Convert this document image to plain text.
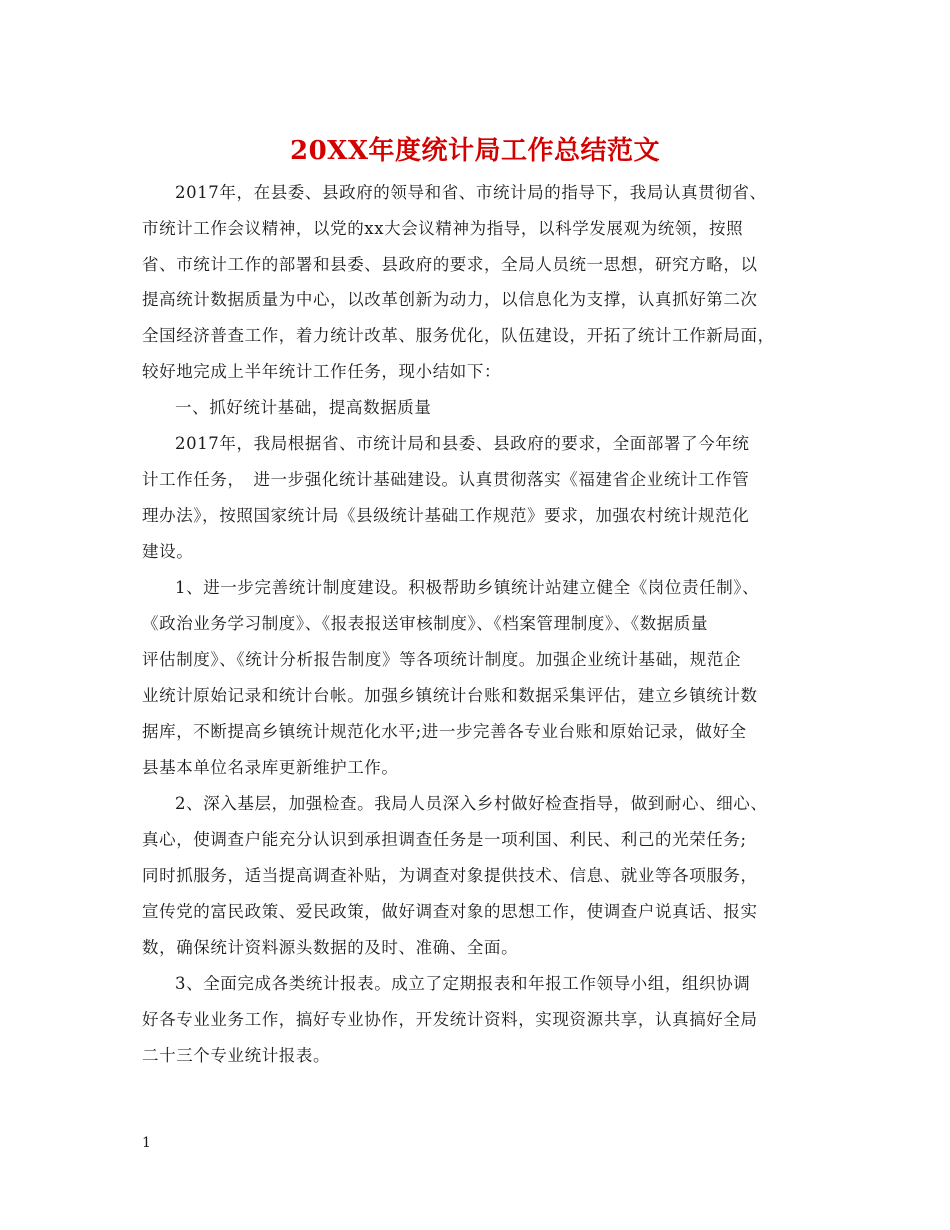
20XX年度统计局工作总结范文
2017年，在县委、县政府的领导和省、市统计局的指导下，我局认真贯彻省、
市统计工作会议精神，以党的xx大会议精神为指导，以科学发展观为统领，按照
省、市统计工作的部署和县委、县政府的要求，全局人员统一思想，研究方略，以
提高统计数据质量为中心，以改革创新为动力，以信息化为支撑，认真抓好第二次
全国经济普查工作，着力统计改革、服务优化，队伍建设，开拓了统计工作新局面，
较好地完成上半年统计工作任务，现小结如下：
一、抓好统计基础，提高数据质量
2017年，我局根据省、市统计局和县委、县政府的要求，全面部署了今年统
计工作任务，　进一步强化统计基础建设。认真贯彻落实《福建省企业统计工作管
理办法》，按照国家统计局《县级统计基础工作规范》要求，加强农村统计规范化
建设。
1、进一步完善统计制度建设。积极帮助乡镇统计站建立健全《岗位责任制》、
《政治业务学习制度》、《报表报送审核制度》、《档案管理制度》、《数据质量
评估制度》、《统计分析报告制度》等各项统计制度。加强企业统计基础，规范企
业统计原始记录和统计台帐。加强乡镇统计台账和数据采集评估，建立乡镇统计数
据库，不断提高乡镇统计规范化水平;进一步完善各专业台账和原始记录，做好全
县基本单位名录库更新维护工作。
2、深入基层，加强检查。我局人员深入乡村做好检查指导，做到耐心、细心、
真心，使调查户能充分认识到承担调查任务是一项利国、利民、利己的光荣任务;
同时抓服务，适当提高调查补贴，为调查对象提供技术、信息、就业等各项服务，
宣传党的富民政策、爱民政策，做好调查对象的思想工作，使调查户说真话、报实
数，确保统计资料源头数据的及时、准确、全面。
3、全面完成各类统计报表。成立了定期报表和年报工作领导小组，组织协调
好各专业业务工作，搞好专业协作，开发统计资料，实现资源共享，认真搞好全局
二十三个专业统计报表。
1
